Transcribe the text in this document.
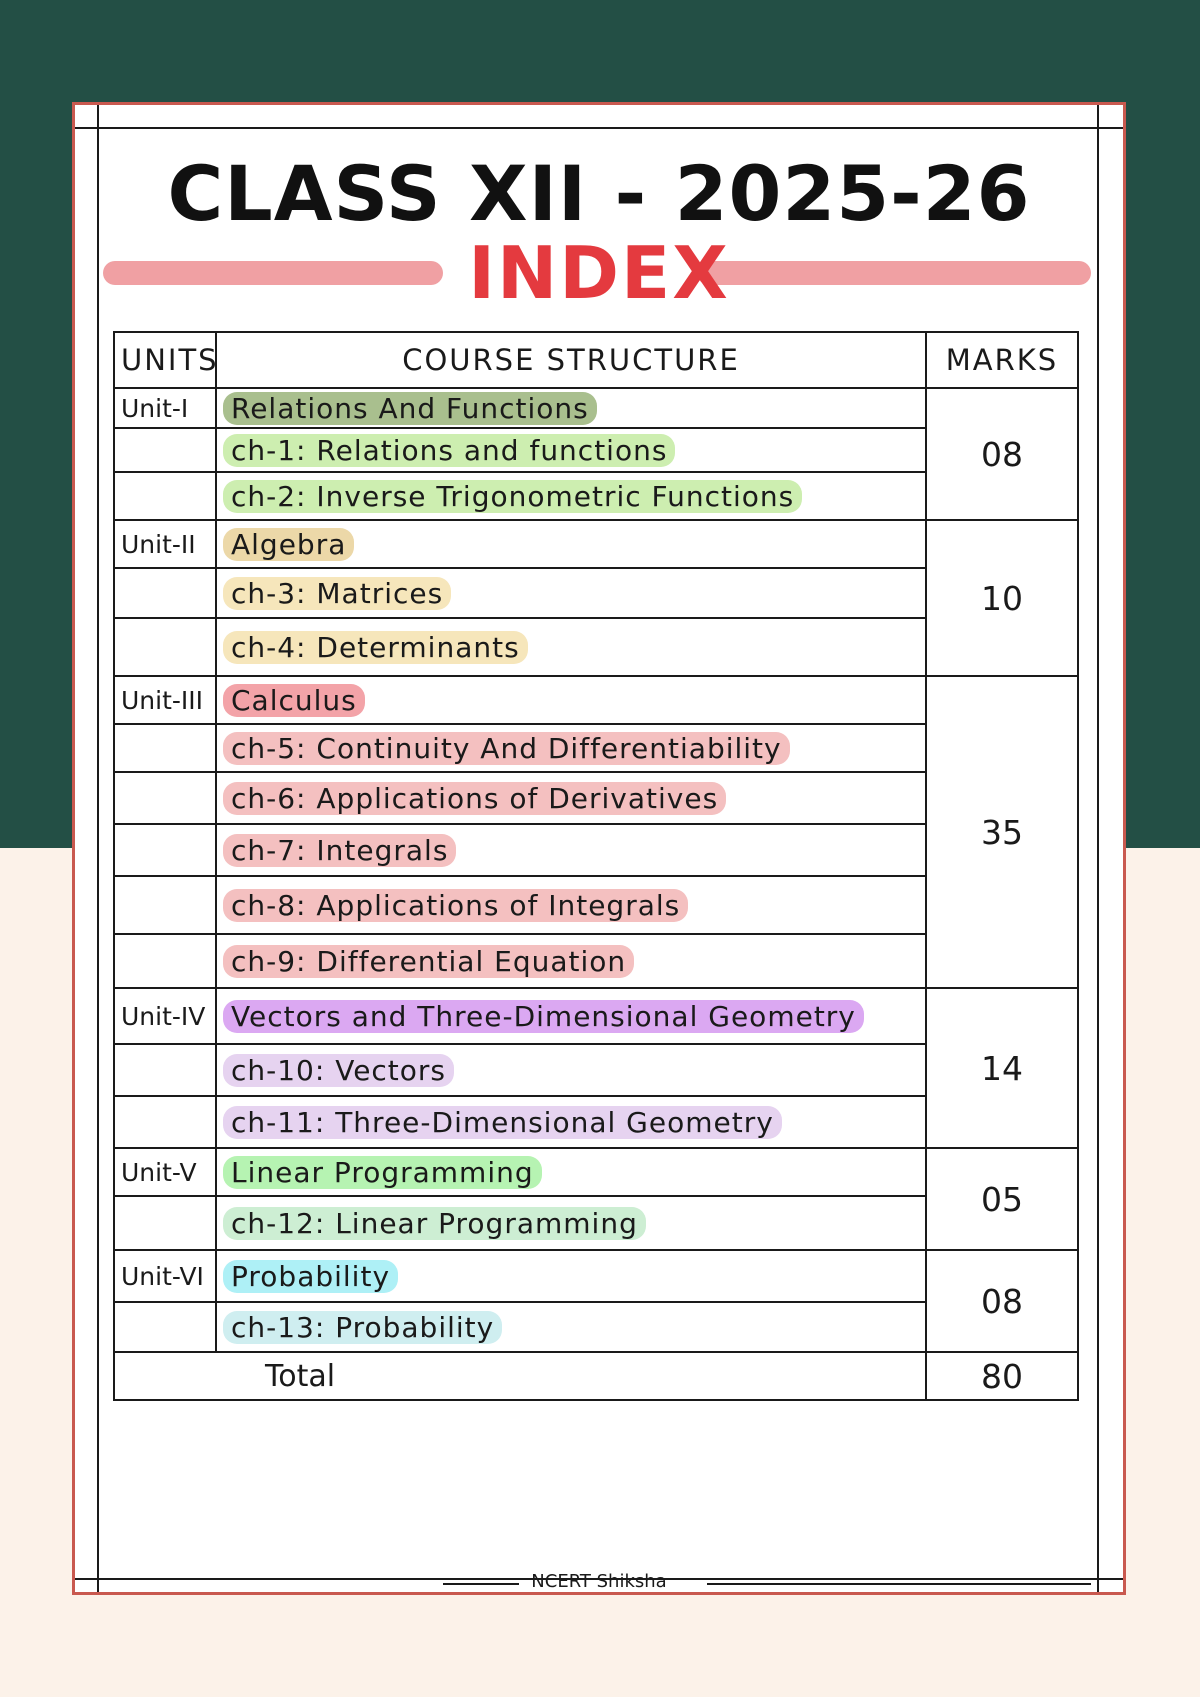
CLASS XII - 2025-26
INDEX
UNITS	COURSE STRUCTURE	MARKS
Unit-I	Relations And Functions	08
	ch-1: Relations and functions	
	ch-2: Inverse Trigonometric Functions	
Unit-II	Algebra	10
	ch-3: Matrices	
	ch-4: Determinants	
Unit-III	Calculus	35
	ch-5: Continuity And Differentiability	
	ch-6: Applications of Derivatives	
	ch-7: Integrals	
	ch-8: Applications of Integrals	
	ch-9: Differential Equation	
Unit-IV	Vectors and Three-Dimensional Geometry	14
	ch-10: Vectors	
	ch-11: Three-Dimensional Geometry	
Unit-V	Linear Programming	05
	ch-12: Linear Programming	
Unit-VI	Probability	08
	ch-13: Probability	
Total		80
NCERT Shiksha
